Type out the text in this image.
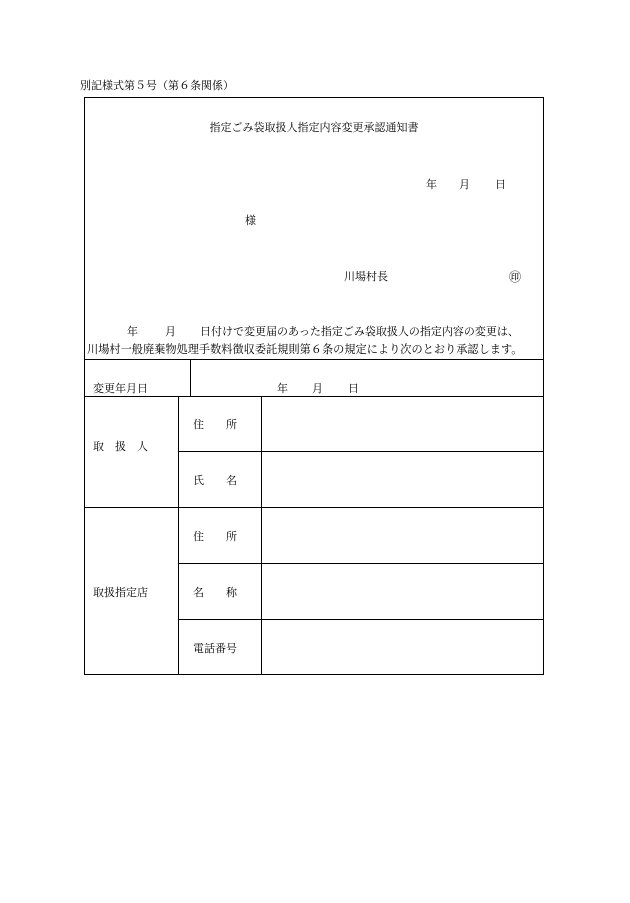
別記様式第５号（第６条関係）
指定ごみ袋取扱人指定内容変更承認通知書
年 月 日
様
川場村長	㊞
年 月 日付けで変更届のあった指定ごみ袋取扱人の指定内容の変更は、
川場村一般廃棄物処理手数料徴収委託規則第６条の規定により次のとおり承認します。
変更年月日	年 月 日
取　扱　人
住　　所
氏　　名
取扱指定店
住　　所
名　　称
電話番号
